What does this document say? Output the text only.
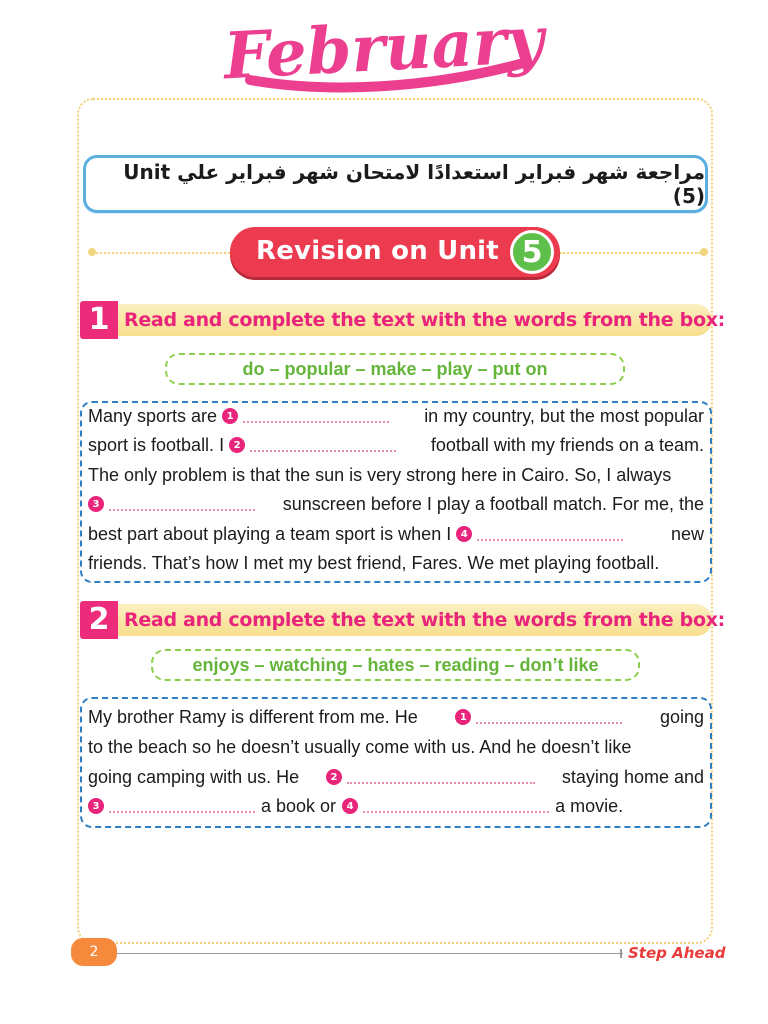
February
مراجعة شهر فبراير استعدادًا لامتحان شهر فبراير علي Unit (5)
Revision on Unit 5
1 Read and complete the text with the words from the box:
do – popular – make – play – put on
Many sports are 1	in my country, but the most popular
sport is football. I 2	football with my friends on a team.
The only problem is that the sun is very strong here in Cairo. So, I always
3	sunscreen before I play a football match. For me, the
best part about playing a team sport is when I 4	new
friends. That’s how I met my best friend, Fares. We met playing football.
2 Read and complete the text with the words from the box:
enjoys – watching – hates – reading – don’t like
My brother Ramy is different from me. He	1	going
to the beach so he doesn’t usually come with us. And he doesn’t like
going camping with us. He	2	staying home and
3	a book or	4	a movie.
2	Step Ahead
